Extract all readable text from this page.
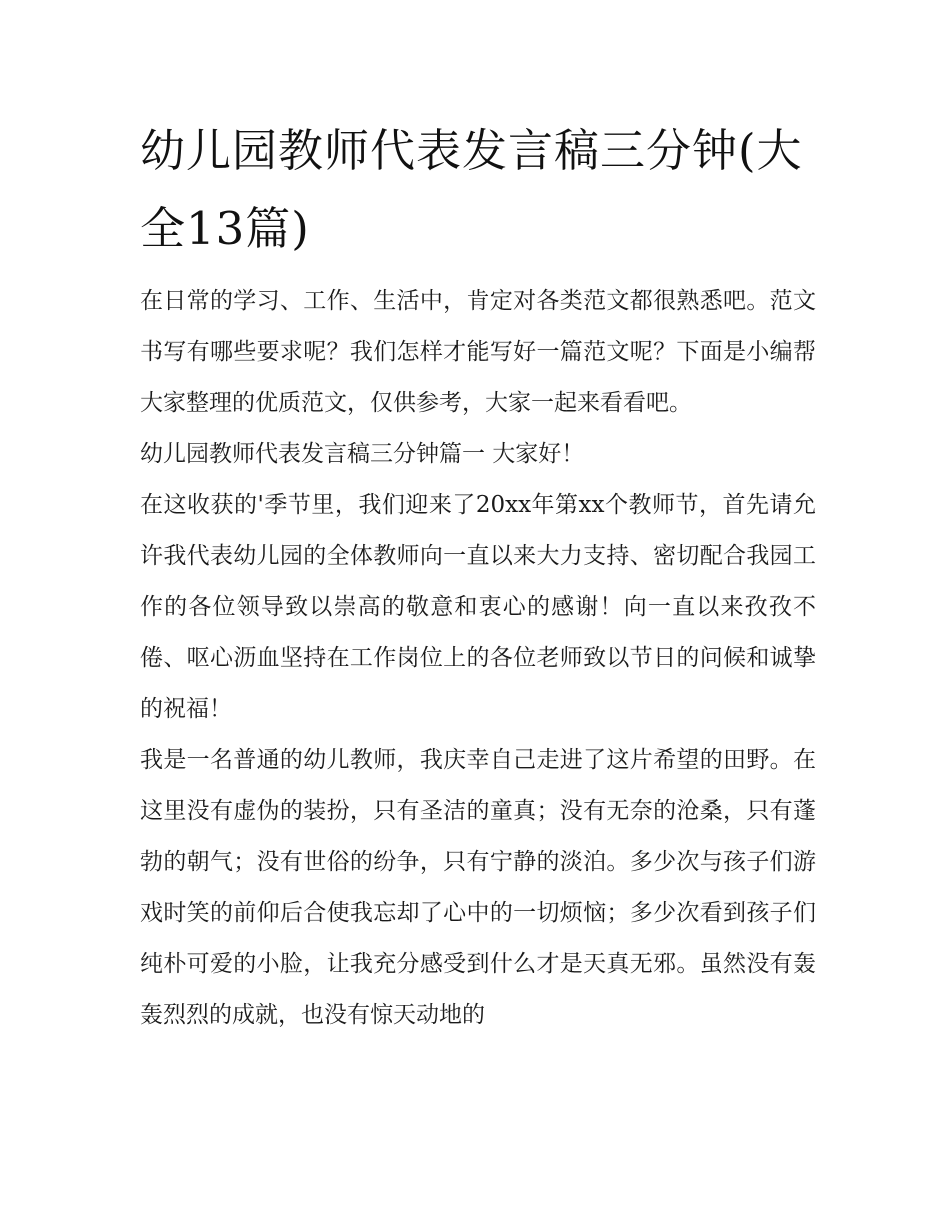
幼儿园教师代表发言稿三分钟(大全13篇)

在日常的学习、工作、生活中，肯定对各类范文都很熟悉吧。范文书写有哪些要求呢？我们怎样才能写好一篇范文呢？下面是小编帮大家整理的优质范文，仅供参考，大家一起来看看吧。

幼儿园教师代表发言稿三分钟篇一 大家好！

在这收获的'季节里，我们迎来了20xx年第xx个教师节，首先请允许我代表幼儿园的全体教师向一直以来大力支持、密切配合我园工作的各位领导致以崇高的敬意和衷心的感谢！向一直以来孜孜不倦、呕心沥血坚持在工作岗位上的各位老师致以节日的问候和诚挚的祝福！

我是一名普通的幼儿教师，我庆幸自己走进了这片希望的田野。在这里没有虚伪的装扮，只有圣洁的童真；没有无奈的沧桑，只有蓬勃的朝气；没有世俗的纷争，只有宁静的淡泊。多少次与孩子们游戏时笑的前仰后合使我忘却了心中的一切烦恼；多少次看到孩子们纯朴可爱的小脸，让我充分感受到什么才是天真无邪。虽然没有轰轰烈烈的成就，也没有惊天动地的
